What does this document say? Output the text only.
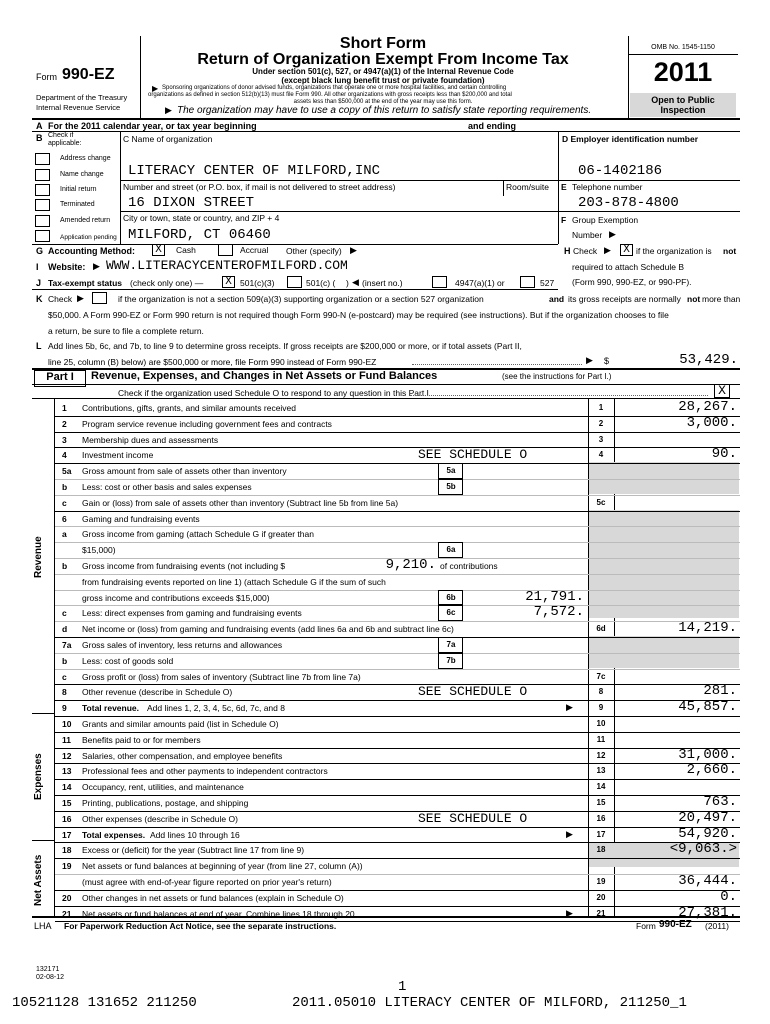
Form 990-EZ
Department of the Treasury
Internal Revenue Service
Short Form
Return of Organization Exempt From Income Tax
Under section 501(c), 527, or 4947(a)(1) of the Internal Revenue Code
(except black lung benefit trust or private foundation)
▶ Sponsoring organizations of donor advised funds, organizations that operate one or more hospital facilities, and certain controlling
organizations as defined in section 512(b)(13) must file Form 990. All other organizations with gross receipts less than $200,000 and total
assets less than $500,000 at the end of the year may use this form.
▶ The organization may have to use a copy of this return to satisfy state reporting requirements.
OMB No. 1545-1150
2011
Open to Public
Inspection
A For the 2011 calendar year, or tax year beginning	and ending
B Check if
applicable:	C Name of organization	D Employer identification number
LITERACY CENTER OF MILFORD,INC	06-1402186
Number and street (or P.O. box, if mail is not delivered to street address)	Room/suite E Telephone number
16 DIXON STREET	203-878-4800
City or town, state or country, and ZIP + 4	F Group Exemption
Number ▶
MILFORD, CT 06460
Address change
Name change
Initial return
Terminated
Amended return
Application pending
G Accounting Method: X	Cash	Accrual Other (specify) ▶	H Check ▶ X if the organization is not
required to attach Schedule B
(Form 990, 990-EZ, or 990-PF).
I Website: ▶ WWW.LITERACYCENTEROFMILFORD.COM
J Tax-exempt status (check only one) — X 501(c)(3)	501(c) ( ) ◀ (insert no.)	4947(a)(1) or	527
K Check ▶	if the organization is not a section 509(a)(3) supporting organization or a section 527 organization	and its gross receipts are normally not more than
$50,000. A Form 990-EZ or Form 990 return is not required though Form 990-N (e-postcard) may be required (see instructions). But if the organization chooses to file
a return, be sure to file a complete return.
L Add lines 5b, 6c, and 7b, to line 9 to determine gross receipts. If gross receipts are $200,000 or more, or if total assets (Part II,
line 25, column (B) below) are $500,000 or more, file Form 990 instead of Form 990-EZ	▶ $	53,429.
Part I	Revenue, Expenses, and Changes in Net Assets or Fund Balances	(see the instructions for Part I.)
Check if the organization used Schedule O to respond to any question in this Part I	X
Revenue
Expenses
Net Assets
LHA For Paperwork Reduction Act Notice, see the separate instructions.	Form 990-EZ (2011)
132171
02-08-12
1
10521128 131652 211250	2011.05010 LITERACY CENTER OF MILFORD, 211250_1
1 Contributions, gifts, grants, and similar amounts received	1	28,267.
2 Program service revenue including government fees and contracts	2	3,000.
3 Membership dues and assessments	3
4 Investment income	SEE SCHEDULE O	4	90.
5a Gross amount from sale of assets other than inventory	5a
b Less: cost or other basis and sales expenses	5b
c Gain or (loss) from sale of assets other than inventory (Subtract line 5b from line 5a)	5c
6 Gaming and fundraising events
a Gross income from gaming (attach Schedule G if greater than
$15,000)	6a
b Gross income from fundraising events (not including $	9,210. of contributions
from fundraising events reported on line 1) (attach Schedule G if the sum of such
gross income and contributions exceeds $15,000)	6b	21,791.
c Less: direct expenses from gaming and fundraising events	6c	7,572.
d Net income or (loss) from gaming and fundraising events (add lines 6a and 6b and subtract line 6c)	6d	14,219.
7a Gross sales of inventory, less returns and allowances	7a
b Less: cost of goods sold	7b
c Gross profit or (loss) from sales of inventory (Subtract line 7b from line 7a)	7c
8 Other revenue (describe in Schedule O)	SEE SCHEDULE O	8	281.
9 Total revenue. Add lines 1, 2, 3, 4, 5c, 6d, 7c, and 8	9	45,857.
▶
10 Grants and similar amounts paid (list in Schedule O)	10
11 Benefits paid to or for members	11
12 Salaries, other compensation, and employee benefits	12	31,000.
13 Professional fees and other payments to independent contractors	13	2,660.
14 Occupancy, rent, utilities, and maintenance	14
15 Printing, publications, postage, and shipping	15	763.
16 Other expenses (describe in Schedule O)	SEE SCHEDULE O	16	20,497.
17 Total expenses. Add lines 10 through 16	17	54,920.
▶
18 Excess or (deficit) for the year (Subtract line 17 from line 9)	18	<9,063.>
19 Net assets or fund balances at beginning of year (from line 27, column (A))
(must agree with end-of-year figure reported on prior year's return)	19	36,444.
20 Other changes in net assets or fund balances (explain in Schedule O)	20	0.
21 Net assets or fund balances at end of year. Combine lines 18 through 20	21	27,381.
▶
